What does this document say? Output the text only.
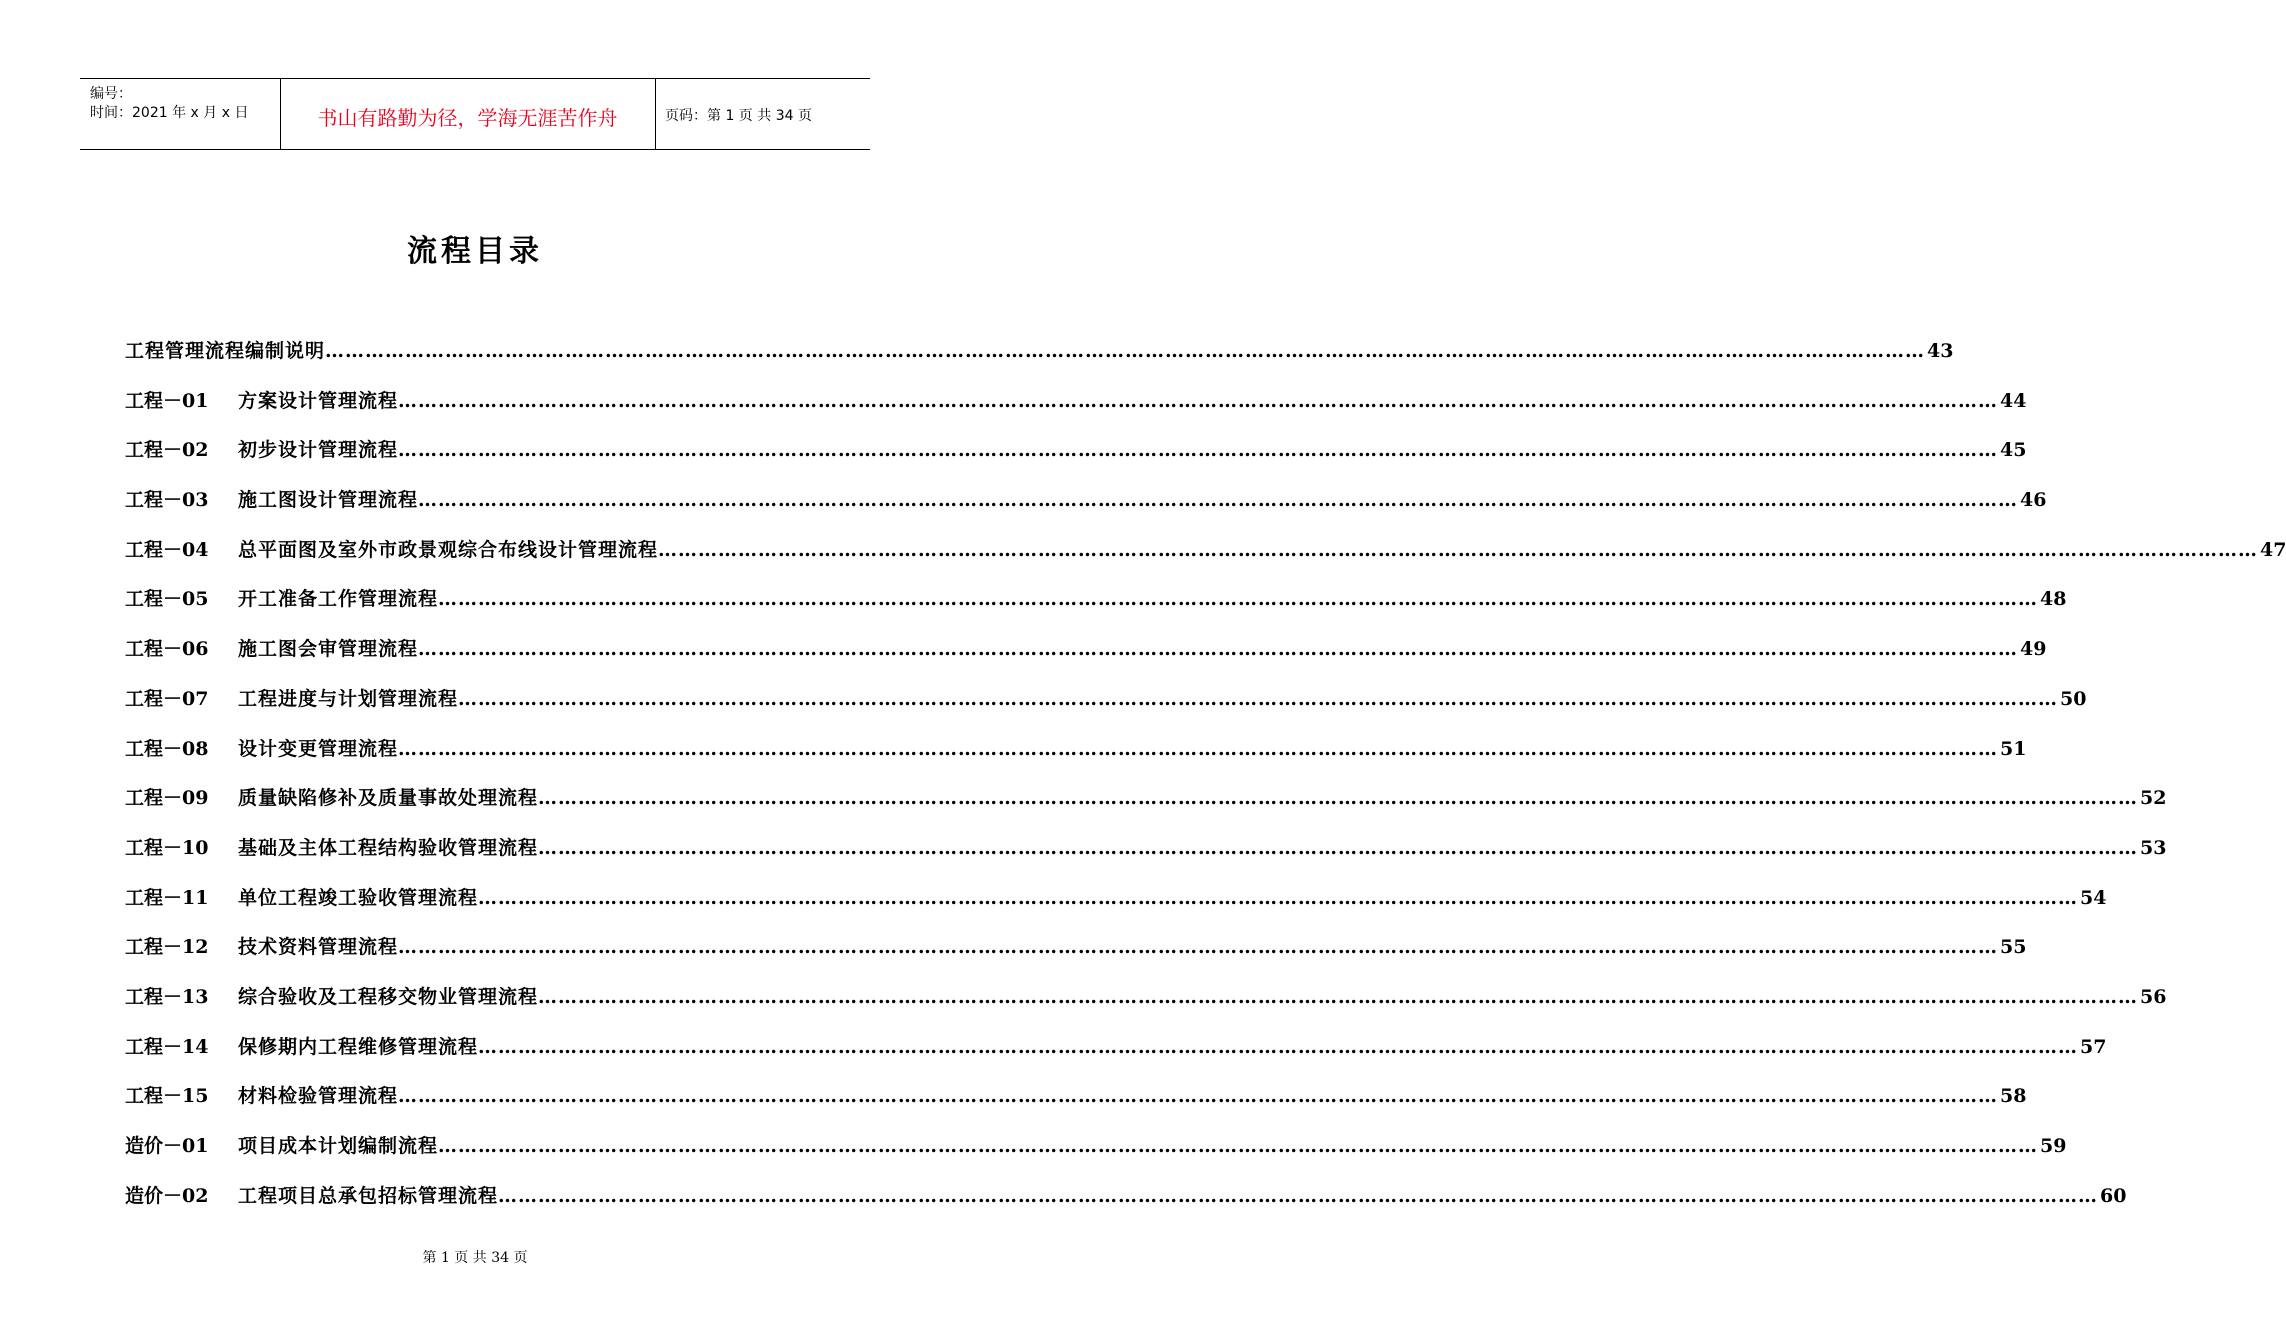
编号：
时间：2021 年 x 月 x 日	书山有路勤为径，学海无涯苦作舟	页码：第 1 页 共 34 页
流程目录
工程管理流程编制说明 …………………………………………………………………………………………………………………………………………………………………………………………………………………… 43
工程－01	方案设计管理流程 …………………………………………………………………………………………………………………………………………………………………………………………………………………… 44
工程－02	初步设计管理流程 …………………………………………………………………………………………………………………………………………………………………………………………………………………… 45
工程－03	施工图设计管理流程 …………………………………………………………………………………………………………………………………………………………………………………………………………………… 46
工程－04	总平面图及室外市政景观综合布线设计管理流程 …………………………………………………………………………………………………………………………………………………………………………………………………………………… 47
工程－05	开工准备工作管理流程 …………………………………………………………………………………………………………………………………………………………………………………………………………………… 48
工程－06	施工图会审管理流程 …………………………………………………………………………………………………………………………………………………………………………………………………………………… 49
工程－07	工程进度与计划管理流程 …………………………………………………………………………………………………………………………………………………………………………………………………………………… 50
工程－08	设计变更管理流程 …………………………………………………………………………………………………………………………………………………………………………………………………………………… 51
工程－09	质量缺陷修补及质量事故处理流程 …………………………………………………………………………………………………………………………………………………………………………………………………………………… 52
工程－10	基础及主体工程结构验收管理流程 …………………………………………………………………………………………………………………………………………………………………………………………………………………… 53
工程－11	单位工程竣工验收管理流程 …………………………………………………………………………………………………………………………………………………………………………………………………………………… 54
工程－12	技术资料管理流程 …………………………………………………………………………………………………………………………………………………………………………………………………………………… 55
工程－13	综合验收及工程移交物业管理流程 …………………………………………………………………………………………………………………………………………………………………………………………………………………… 56
工程－14	保修期内工程维修管理流程 …………………………………………………………………………………………………………………………………………………………………………………………………………………… 57
工程－15	材料检验管理流程 …………………………………………………………………………………………………………………………………………………………………………………………………………………… 58
造价－01	项目成本计划编制流程 …………………………………………………………………………………………………………………………………………………………………………………………………………………… 59
造价－02	工程项目总承包招标管理流程 …………………………………………………………………………………………………………………………………………………………………………………………………………………… 60
第 1 页 共 34 页
